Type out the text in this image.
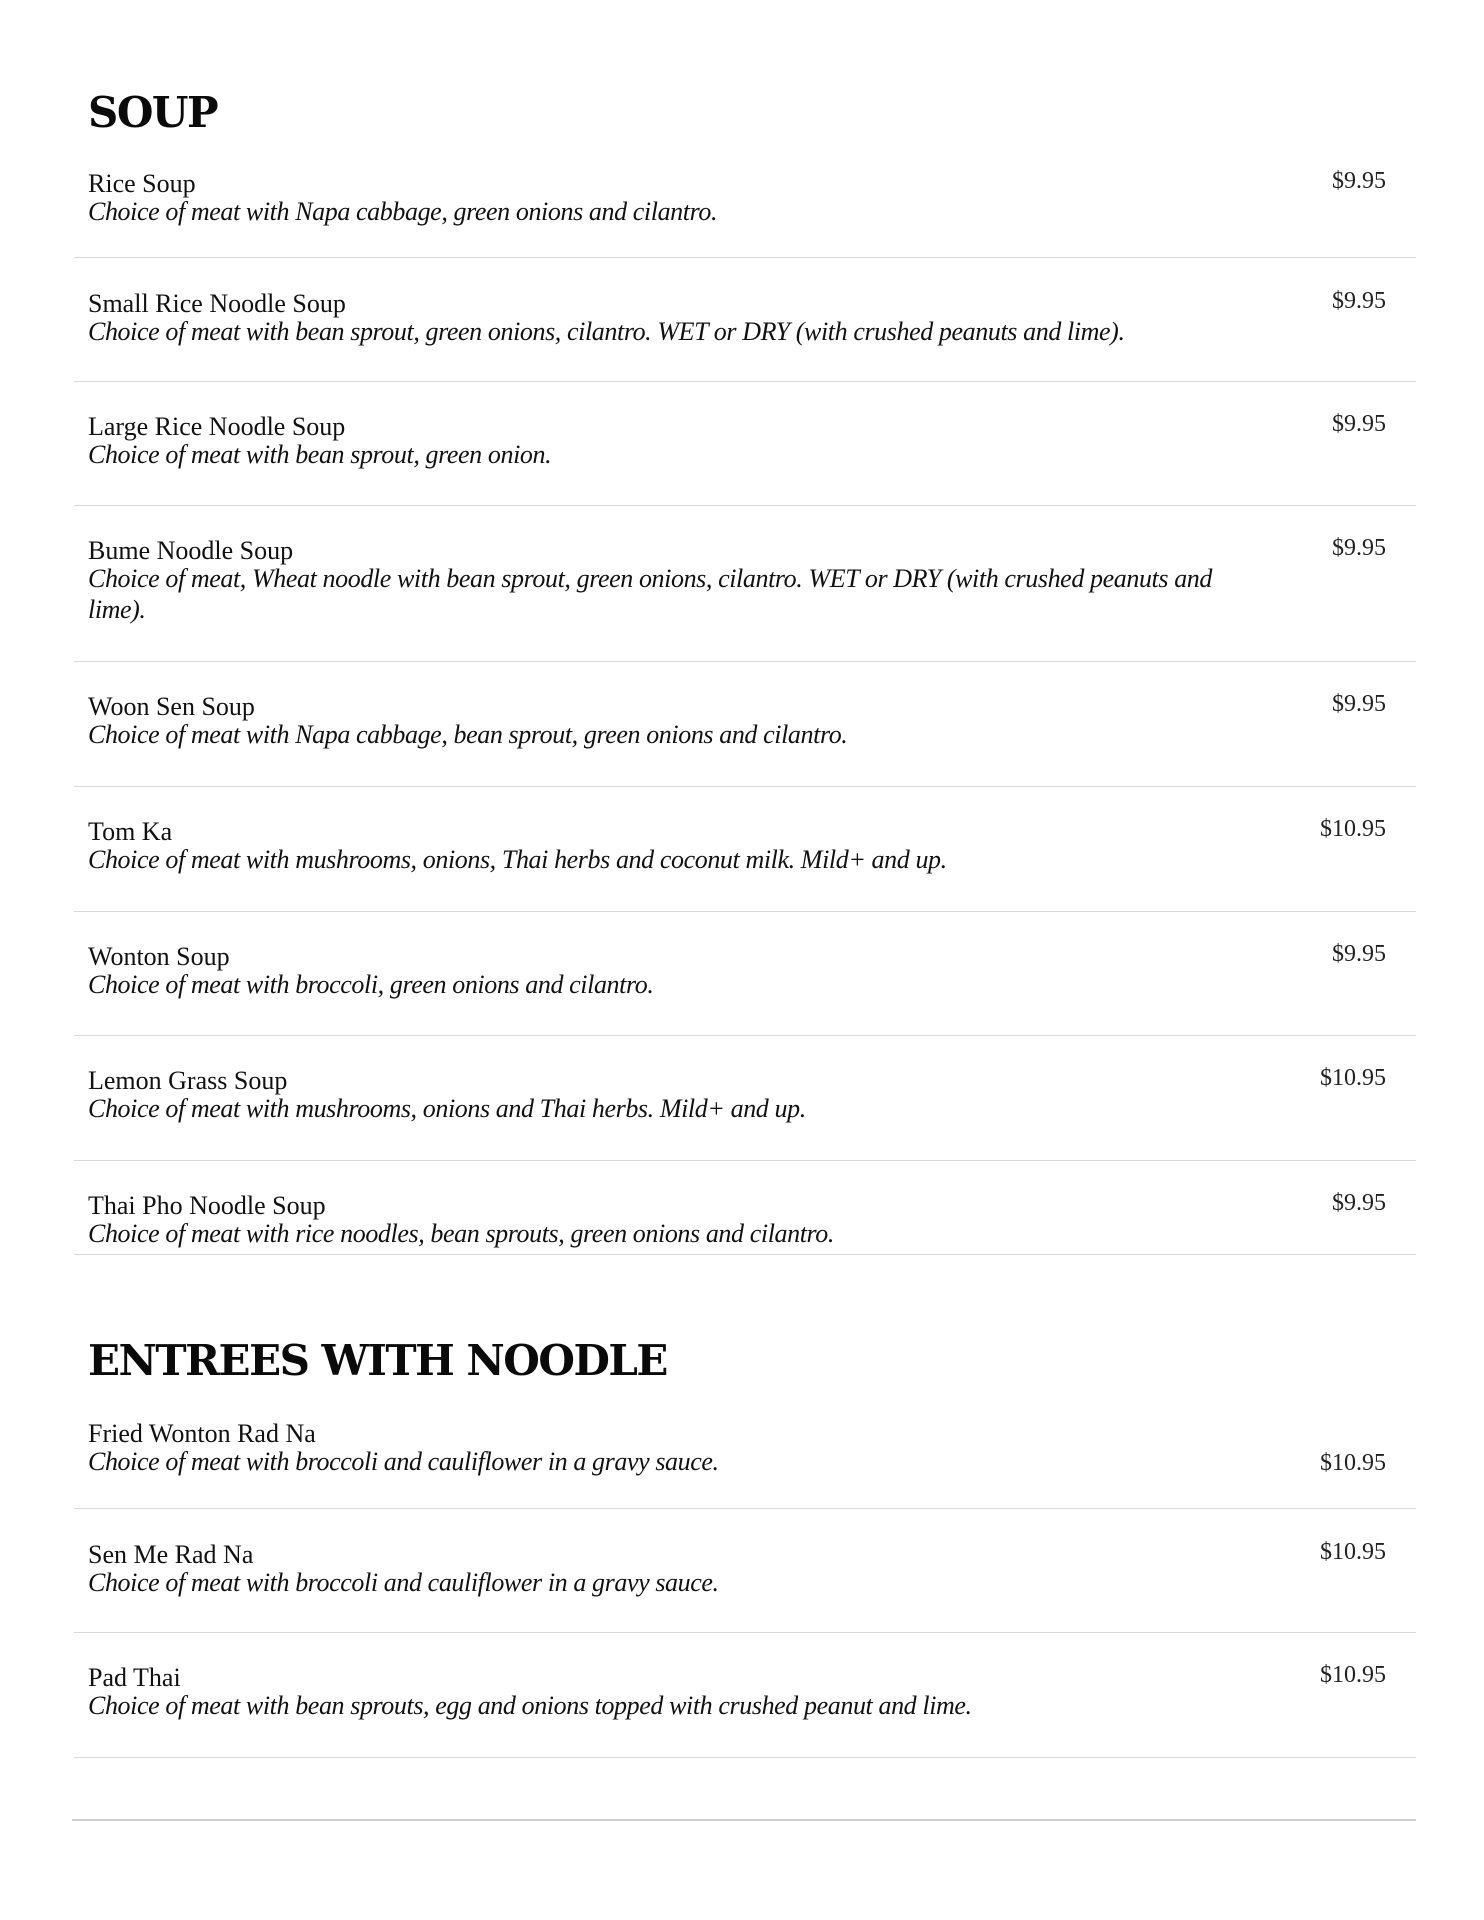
SOUP
Rice Soup
Choice of meat with Napa cabbage, green onions and cilantro.
$9.95
Small Rice Noodle Soup
Choice of meat with bean sprout, green onions, cilantro. WET or DRY (with crushed peanuts and lime).
$9.95
Large Rice Noodle Soup
Choice of meat with bean sprout, green onion.
$9.95
Bume Noodle Soup
Choice of meat, Wheat noodle with bean sprout, green onions, cilantro. WET or DRY (with crushed peanuts and lime).
$9.95
Woon Sen Soup
Choice of meat with Napa cabbage, bean sprout, green onions and cilantro.
$9.95
Tom Ka
Choice of meat with mushrooms, onions, Thai herbs and coconut milk. Mild+ and up.
$10.95
Wonton Soup
Choice of meat with broccoli, green onions and cilantro.
$9.95
Lemon Grass Soup
Choice of meat with mushrooms, onions and Thai herbs. Mild+ and up.
$10.95
Thai Pho Noodle Soup
Choice of meat with rice noodles, bean sprouts, green onions and cilantro.
$9.95
ENTREES WITH NOODLE
Fried Wonton Rad Na
Choice of meat with broccoli and cauliflower in a gravy sauce.	$10.95
Sen Me Rad Na
Choice of meat with broccoli and cauliflower in a gravy sauce.
$10.95
Pad Thai
Choice of meat with bean sprouts, egg and onions topped with crushed peanut and lime.
$10.95
